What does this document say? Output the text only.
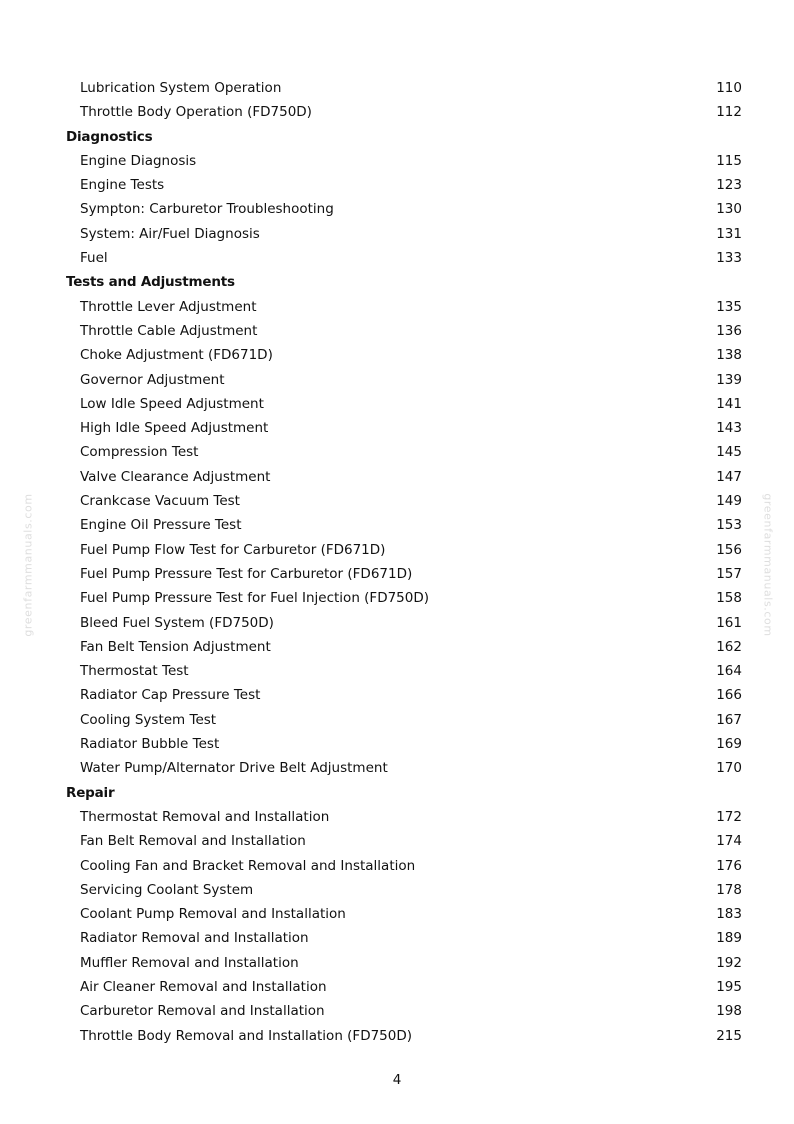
Lubrication System Operation	110
Throttle Body Operation (FD750D)	112
Diagnostics
Engine Diagnosis	115
Engine Tests	123
Sympton: Carburetor Troubleshooting	130
System: Air/Fuel Diagnosis	131
Fuel	133
Tests and Adjustments
Throttle Lever Adjustment	135
Throttle Cable Adjustment	136
Choke Adjustment (FD671D)	138
Governor Adjustment	139
Low Idle Speed Adjustment	141
High Idle Speed Adjustment	143
Compression Test	145
Valve Clearance Adjustment	147
Crankcase Vacuum Test	149
Engine Oil Pressure Test	153
Fuel Pump Flow Test for Carburetor (FD671D)	156
Fuel Pump Pressure Test for Carburetor (FD671D)	157
Fuel Pump Pressure Test for Fuel Injection (FD750D)	158
Bleed Fuel System (FD750D)	161
Fan Belt Tension Adjustment	162
Thermostat Test	164
Radiator Cap Pressure Test	166
Cooling System Test	167
Radiator Bubble Test	169
Water Pump/Alternator Drive Belt Adjustment	170
Repair
Thermostat Removal and Installation	172
Fan Belt Removal and Installation	174
Cooling Fan and Bracket Removal and Installation	176
Servicing Coolant System	178
Coolant Pump Removal and Installation	183
Radiator Removal and Installation	189
Muffler Removal and Installation	192
Air Cleaner Removal and Installation	195
Carburetor Removal and Installation	198
Throttle Body Removal and Installation (FD750D)	215
4
greenfarmmanuals.com	greenfarmmanuals.com
